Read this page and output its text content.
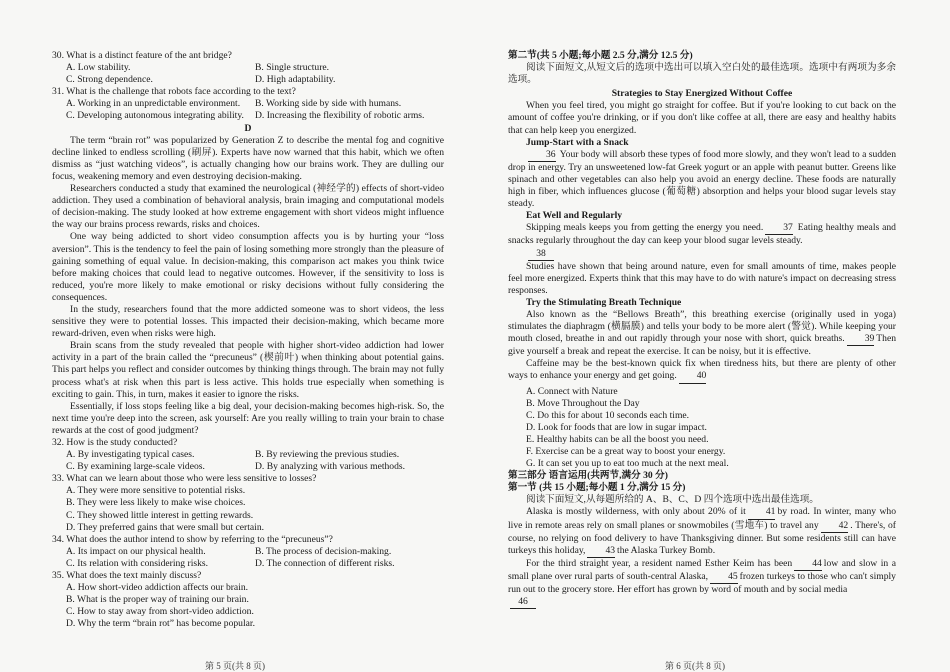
30. What is a distinct feature of the ant bridge?

A. Low stability.	B. Single structure.
C. Strong dependence.	D. High adaptability.

31. What is the challenge that robots face according to the text?

A. Working in an unpredictable environment.	B. Working side by side with humans.
C. Developing autonomous integrating ability.	D. Increasing the flexibility of robotic arms.

D

The term “brain rot” was popularized by Generation Z to describe the mental fog and cognitive decline linked to endless scrolling (刷屏). Experts have now warned that this habit, which we often dismiss as “just watching videos”, is actually changing how our brains work. They are dulling our focus, weakening memory and even destroying decision-making.

Researchers conducted a study that examined the neurological (神经学的) effects of short-video addiction. They used a combination of behavioral analysis, brain imaging and computational models of decision-making. The study looked at how extreme engagement with short videos might influence the way our brains process rewards, risks and choices.

One way being addicted to short video consumption affects you is by hurting your “loss aversion”. This is the tendency to feel the pain of losing something more strongly than the pleasure of gaining something of equal value. In decision-making, this comparison act makes you think twice before making choices that could lead to negative outcomes. However, if the sensitivity to loss is reduced, you're more likely to make emotional or risky decisions without fully considering the consequences.

In the study, researchers found that the more addicted someone was to short videos, the less sensitive they were to potential losses. This impacted their decision-making, which became more reward-driven, even when risks were high.

Brain scans from the study revealed that people with higher short-video addiction had lower activity in a part of the brain called the “precuneus” (楔前叶) when thinking about potential gains. This part helps you reflect and consider outcomes by thinking things through. The brain may not fully process what's at risk when this part is less active. This holds true especially when something is exciting to gain. This, in turn, makes it easier to ignore the risks.

Essentially, if loss stops feeling like a big deal, your decision-making becomes high-risk. So, the next time you're deep into the screen, ask yourself: Are you really willing to train your brain to chase rewards at the cost of good judgment?

32. How is the study conducted?

A. By investigating typical cases.	B. By reviewing the previous studies.
C. By examining large-scale videos.	D. By analyzing with various methods.

33. What can we learn about those who were less sensitive to losses?

A. They were more sensitive to potential risks.

B. They were less likely to make wise choices.

C. They showed little interest in getting rewards.

D. They preferred gains that were small but certain.

34. What does the author intend to show by referring to the “precuneus”?

A. Its impact on our physical health.	B. The process of decision-making.
C. Its relation with considering risks.	D. The connection of different risks.

35. What does the text mainly discuss?

A. How short-video addiction affects our brain.

B. What is the proper way of training our brain.

C. How to stay away from short-video addiction.

D. Why the term “brain rot” has become popular.

第 5 页(共 8 页)

第二节(共 5 小题;每小题 2.5 分,满分 12.5 分)

阅读下面短文,从短文后的选项中选出可以填入空白处的最佳选项。选项中有两项为多余选项。

Strategies to Stay Energized Without Coffee

When you feel tired, you might go straight for coffee. But if you're looking to cut back on the amount of coffee you're drinking, or if you don't like coffee at all, there are easy and healthy habits that can help keep you energized.

Jump-Start with a Snack

36 Your body will absorb these types of food more slowly, and they won't lead to a sudden drop in energy. Try an unsweetened low-fat Greek yogurt or an apple with peanut butter. Greens like spinach and other vegetables can also help you avoid an energy decline. These foods are naturally high in fiber, which influences glucose (葡萄糖) absorption and helps your blood sugar levels stay steady.

Eat Well and Regularly

Skipping meals keeps you from getting the energy you need. 37 Eating healthy meals and snacks regularly throughout the day can keep your blood sugar levels steady.

38

Studies have shown that being around nature, even for small amounts of time, makes people feel more energized. Experts think that this may have to do with nature's impact on decreasing stress responses.

Try the Stimulating Breath Technique

Also known as the “Bellows Breath”, this breathing exercise (originally used in yoga) stimulates the diaphragm (横膈膜) and tells your body to be more alert (警觉). While keeping your mouth closed, breathe in and out rapidly through your nose with short, quick breaths. 39 Then give yourself a break and repeat the exercise. It can be noisy, but it is effective.

Caffeine may be the best-known quick fix when tiredness hits, but there are plenty of other ways to enhance your energy and get going. 40

A. Connect with Nature

B. Move Throughout the Day

C. Do this for about 10 seconds each time.

D. Look for foods that are low in sugar impact.

E. Healthy habits can be all the boost you need.

F. Exercise can be a great way to boost your energy.

G. It can set you up to eat too much at the next meal.

第三部分 语言运用(共两节,满分 30 分)

第一节 (共 15 小题;每小题 1 分,满分 15 分)

阅读下面短文,从每题所给的 A、B、C、D 四个选项中选出最佳选项。

Alaska is mostly wilderness, with only about 20% of it 41 by road. In winter, many who live in remote areas rely on small planes or snowmobiles (雪地车) to travel any 42 . There's, of course, no relying on food delivery to have Thanksgiving dinner. But some residents still can have turkeys this holiday, 43 the Alaska Turkey Bomb.

For the third straight year, a resident named Esther Keim has been 44 low and slow in a small plane over rural parts of south-central Alaska, 45 frozen turkeys to those who can't simply run out to the grocery store. Her effort has grown by word of mouth and by social media

46

第 6 页(共 8 页)
